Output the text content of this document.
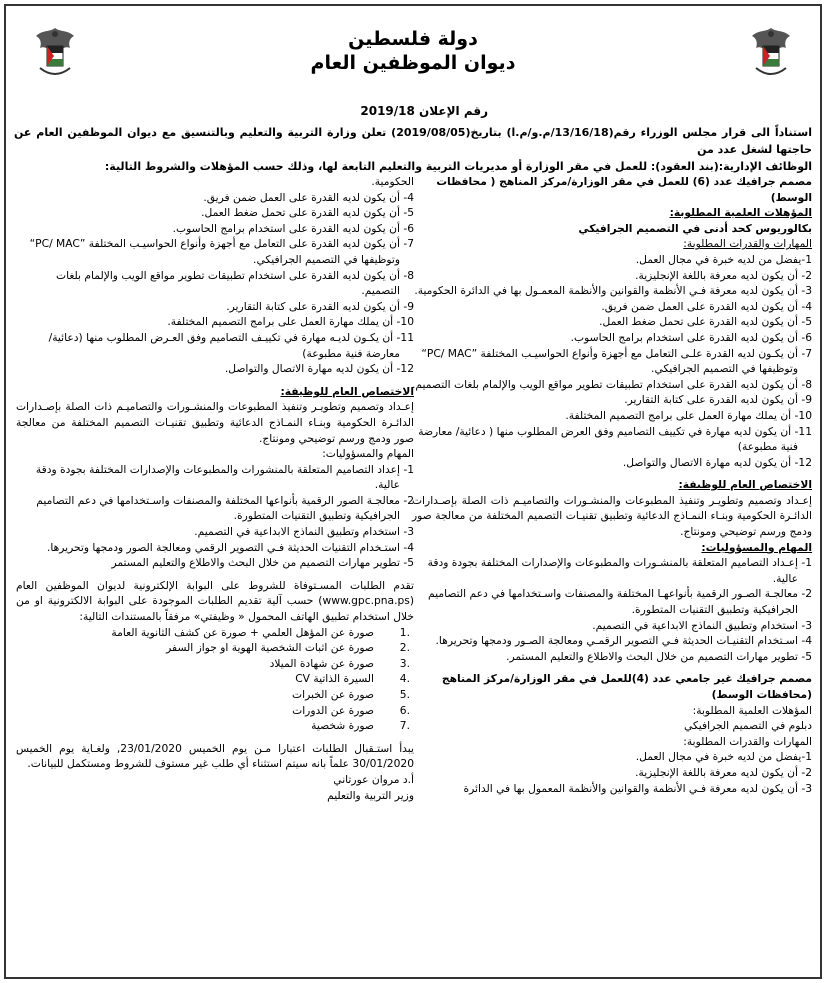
دولة فلسطين
ديوان الموظفين العام
رقم الإعلان 2019/18
استناداً الى قرار مجلس الوزراء رقم(13/16/18/م.و/م.ا) بتاريخ(2019/08/05) تعلن وزارة التربية والتعليم وبالتنسيق مع ديوان الموظفين العام عن حاجتها لشغل عدد من
الوظائف الإدارية:(بند العقود): للعمل في مقر الوزارة أو مديريات التربية والتعليم التابعة لها، وذلك حسب المؤهلات والشروط التالية:
مصمم جرافيك عدد (6) للعمل في مقر الوزارة/مركز المناهج ( محافظات الوسط)
المؤهلات العلمية المطلوبة:
بكالوريوس كحد أدنى في التصميم الجرافيكي
المهارات والقدرات المطلوبة:
1-يفضل من لديه خبرة في مجال العمل.
2- أن يكون لديه معرفة باللغة الإنجليزية.
3- أن يكون لديه معرفة فـي الأنظمة والقوانين والأنظمة المعمـول بها في الدائرة الحكومية.
4- أن يكون لديه القدرة على العمل ضمن فريق.
5- أن يكون لديه القدرة على تحمل ضغط العمل.
6- أن يكون لديه القدرة على استخدام برامج الحاسوب.
7- أن يكـون لديه القدرة علـى التعامل مع أجهزة وأنواع الحواسيـب المختلفة ”PC/ MAC“ وتوظيفها في التصميم الجرافيكي.
8- أن يكون لديه القدرة على استخدام تطبيقات تطوير مواقع الويب والإلمام بلغات التصميم.
9- أن يكون لديه القدرة على كتابة التقارير.
10- أن يملك مهارة العمل على برامج التصميم المختلفة.
11- أن يكون لديه مهارة في تكييف التصاميم وفق العرض المطلوب منها ( دعائية/ معارضة فنية مطبوعة)
12- أن يكون لديه مهارة الاتصال والتواصل.
الاختصاص العام للوظيفة:
إعـداد وتصميم وتطويـر وتنفيذ المطبوعات والمنشـورات والتصاميـم ذات الصلة بإصـدارات الدائـرة الحكومية وبنـاء النمـاذج الدعائية وتطبيق تقنيـات التصميم المختلفة من معالجة صور ودمج ورسم توضيحي ومونتاج.
المهام والمسؤوليات:
1- إعـداد التصاميم المتعلقة بالمنشـورات والمطبوعات والإصدارات المختلفة بجودة ودقة عالية.
2- معالجـة الصـور الرقمية بأنواعهـا المختلفة والمصنفات واسـتخدامها في دعم التصاميم الجرافيكية وتطبيق التقنيات المتطورة.
3- استخدام وتطبيق النماذج الابداعية في التصميم.
4- اسـتخدام التقنيـات الحديثة فـي التصوير الرقمـي ومعالجة الصـور ودمجها وتحريرها.
5- تطوير مهارات التصميم من خلال البحث والاطلاع والتعليم المستمر.
مصمم جرافيك غير جامعي عدد (4)للعمل في مقر الوزارة/مركز المناهج (محافظات الوسط)
المؤهلات العلمية المطلوبة:
دبلوم في التصميم الجرافيكي
المهارات والقدرات المطلوبة:
1-يفضل من لديه خبرة في مجال العمل.
2- أن يكون لديه معرفة باللغة الإنجليزية.
3- أن يكون لديه معرفة فـي الأنظمة والقوانين والأنظمة المعمول بها في الدائرة
الحكومية.
4- أن يكون لديه القدرة على العمل ضمن فريق.
5- أن يكون لديه القدرة على تحمل ضغط العمل.
6- أن يكون لديه القدرة على استخدام برامج الحاسوب.
7- أن يكون لديه القدرة على التعامل مع أجهزة وأنواع الحواسيـب المختلفة ”PC/ MAC“ وتوظيفها في التصميم الجرافيكي.
8- أن يكون لديه القدرة على استخدام تطبيقات تطوير مواقع الويب والإلمام بلغات التصميم.
9- أن يكون لديه القدرة على كتابة التقارير.
10- أن يملك مهارة العمل على برامج التصميم المختلفة.
11- أن يكـون لديـه مهارة في تكييـف التصاميم وفق العـرض المطلوب منها (دعائية/معارضة فنية مطبوعة)
12- أن يكون لديه مهارة الاتصال والتواصل.
الاختصاص العام للوظيفة:
إعـداد وتصميم وتطويـر وتنفيذ المطبوعات والمنشـورات والتصاميـم ذات الصلة بإصـدارات الدائـرة الحكومية وبنـاء النمـاذج الدعائية وتطبيق تقنيـات التصميم المختلفة من معالجة صور ودمج ورسم توضيحي ومونتاج.
المهام والمسؤوليات:
1- إعداد التصاميم المتعلقة بالمنشورات والمطبوعات والإصدارات المختلفة بجودة ودقة عالية.
2- معالجـة الصور الرقمية بأنواعها المختلفة والمصنفات واسـتخدامها في دعم التصاميم الجرافيكية وتطبيق التقنيات المتطورة.
3- استخدام وتطبيق النماذج الابداعية في التصميم.
4- استـخدام التقنيات الحديثة فـي التصوير الرقمي ومعالجة الصور ودمجها وتحريرها.
5- تطوير مهارات التصميم من خلال البحث والاطلاع والتعليم المستمر
تقدم الطلبات المسـتوفاة للشروط على البوابة الإلكترونية لديوان الموظفين العام (www.gpc.pna.ps) حسب آلية تقديم الطلبات الموجودة على البوابة الالكترونية او من خلال استخدام تطبيق الهاتف المحمول « وظيفتي» مرفقاً بالمستندات التالية:
.1
صورة عن المؤهل العلمي + صورة عن كشف الثانوية العامة
.2
صورة عن اثبات الشخصية الهوية او جواز السفر
.3
صورة عن شهادة الميلاد
.4
السيرة الذاتية CV
.5
صورة عن الخبرات
.6
صورة عن الدورات
.7
صورة شخصية
يبدأ استـقبال الطلبات اعتبارا مـن يوم الخميس 23/01/2020, ولغـاية يوم الخميس 30/01/2020 علماً بانه سيتم استثناء أي طلب غير مستوف للشروط ومستكمل للبيانات.
أ.د مروان عورتاني
وزير التربية والتعليم
